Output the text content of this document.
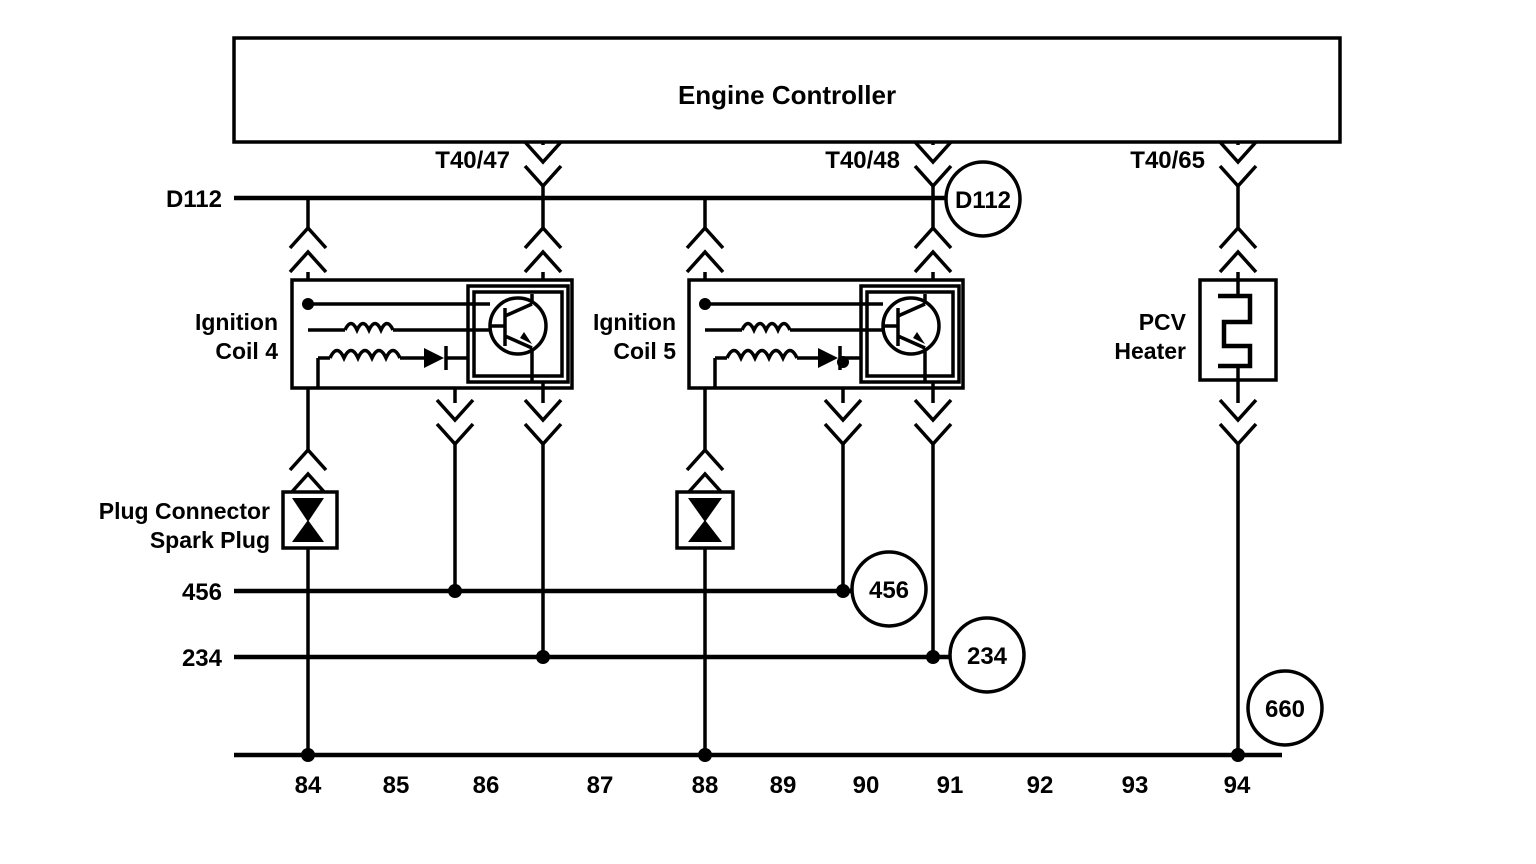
Engine Controller
T40/47	T40/48	T40/65
D112	D112
Ignition
Coil 4
Ignition
Coil 5
PCV
Heater
Plug Connector
Spark Plug
456	456
234	234
660
84	85	86	87	88 89 90 91	92	93	94
